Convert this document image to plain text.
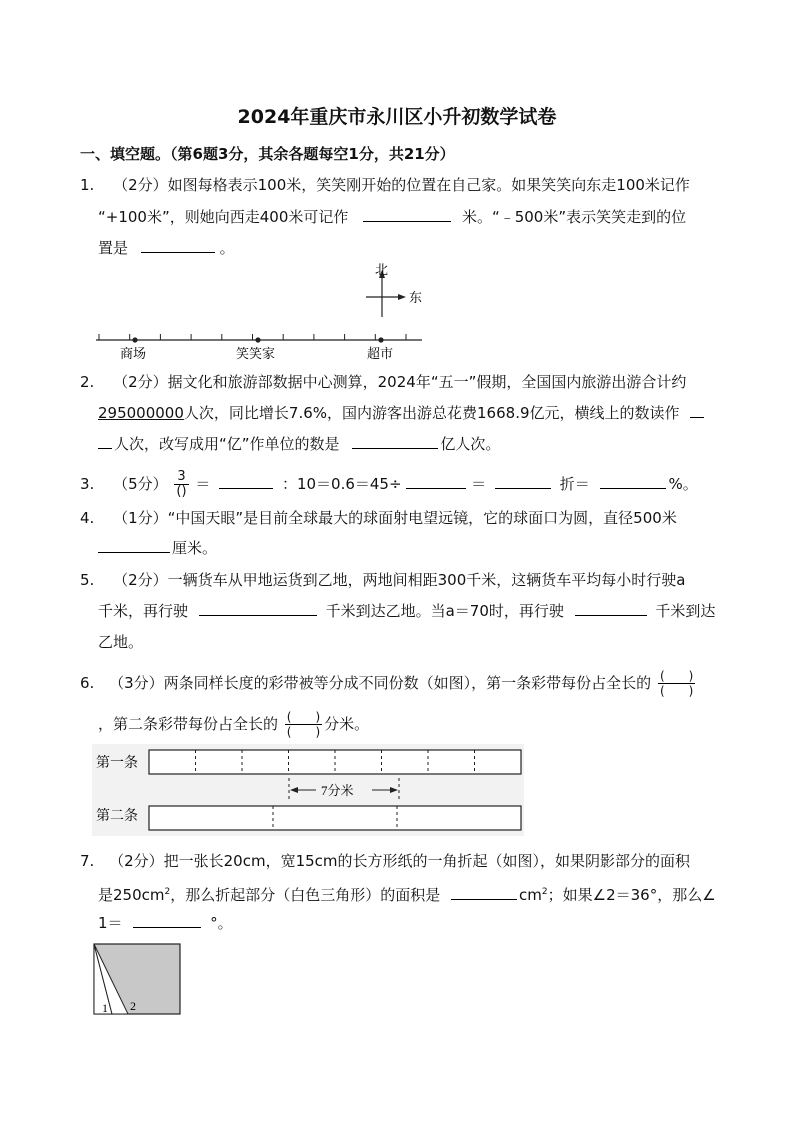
2024年重庆市永川区小升初数学试卷
一、填空题。（第6题3分，其余各题每空1分，共21分）
1. （2分）如图每格表示100米，笑笑刚开始的位置在自己家。如果笑笑向东走100米记作
“+100米”，则她向西走400米可记作	米。“﹣500米”表示笑笑走到的位
置是	。
北
东
商场	笑笑家	超市
2. （2分）据文化和旅游部数据中心测算，2024年“五一”假期，全国国内旅游出游合计约
295000000人次，同比增长7.6%，国内游客出游总花费1668.9亿元，横线上的数读作
人次，改写成用“亿”作单位的数是	亿人次。
3. （5分） $\frac{3}{()}$ ＝	：10＝0.6＝45÷	＝	折＝	%。
4. （1分）“中国天眼”是目前全球最大的球面射电望远镜，它的球面口为圆，直径500米
厘米。
5. （2分）一辆货车从甲地运货到乙地，两地间相距300千米，这辆货车平均每小时行驶a
千米，再行驶	千米到达乙地。当a＝70时，再行驶	千米到达
乙地。
6. （3分）两条同样长度的彩带被等分成不同份数（如图），第一条彩带每份占全长的 $\frac{( )}{( )}$
，第二条彩带每份占全长的 $\frac{( )}{( )}$ 分米。
第一条
7分米
第二条
7. （2分）把一张长20cm，宽15cm的长方形纸的一角折起（如图），如果阴影部分的面积
是$250cm^2$，那么折起部分（白色三角形）的面积是	$cm^2$；如果∠2＝36°，那么∠
1＝	°。
1 2
